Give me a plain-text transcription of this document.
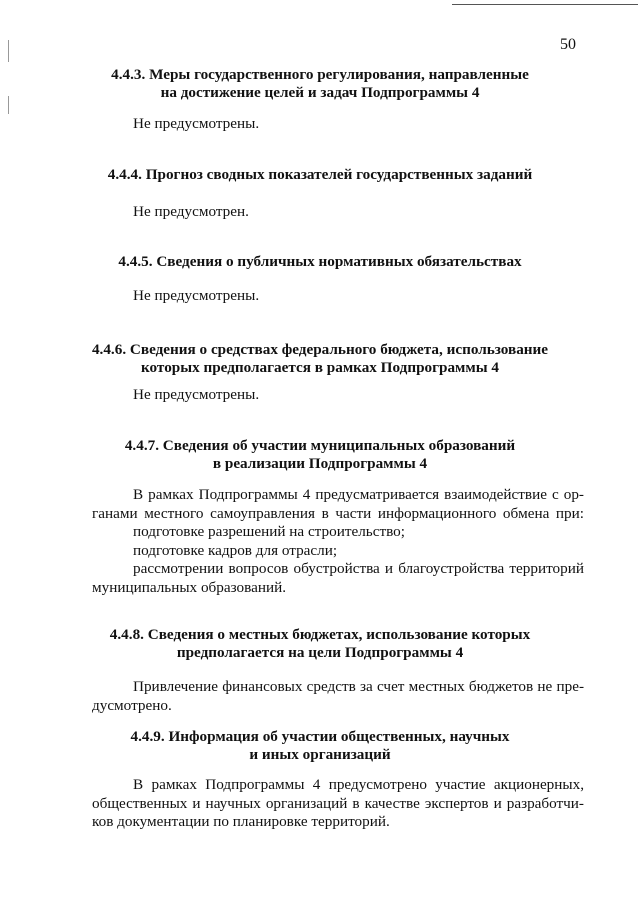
50
4.4.3. Меры государственного регулирования, направленные
на достижение целей и задач Подпрограммы 4
Не предусмотрены.
4.4.4. Прогноз сводных показателей государственных заданий
Не предусмотрен.
4.4.5. Сведения о публичных нормативных обязательствах
Не предусмотрены.
4.4.6. Сведения о средствах федерального бюджета, использование
которых предполагается в рамках Подпрограммы 4
Не предусмотрены.
4.4.7. Сведения об участии муниципальных образований
в реализации Подпрограммы 4
В рамках Подпрограммы 4 предусматривается взаимодействие с ор-
ганами местного самоуправления в части информационного обмена при:
подготовке разрешений на строительство;
подготовке кадров для отрасли;
рассмотрении вопросов обустройства и благоустройства территорий
муниципальных образований.
4.4.8. Сведения о местных бюджетах, использование которых
предполагается на цели Подпрограммы 4
Привлечение финансовых средств за счет местных бюджетов не пре-
дусмотрено.
4.4.9. Информация об участии общественных, научных
и иных организаций
В рамках Подпрограммы 4 предусмотрено участие акционерных,
общественных и научных организаций в качестве экспертов и разработчи-
ков документации по планировке территорий.
